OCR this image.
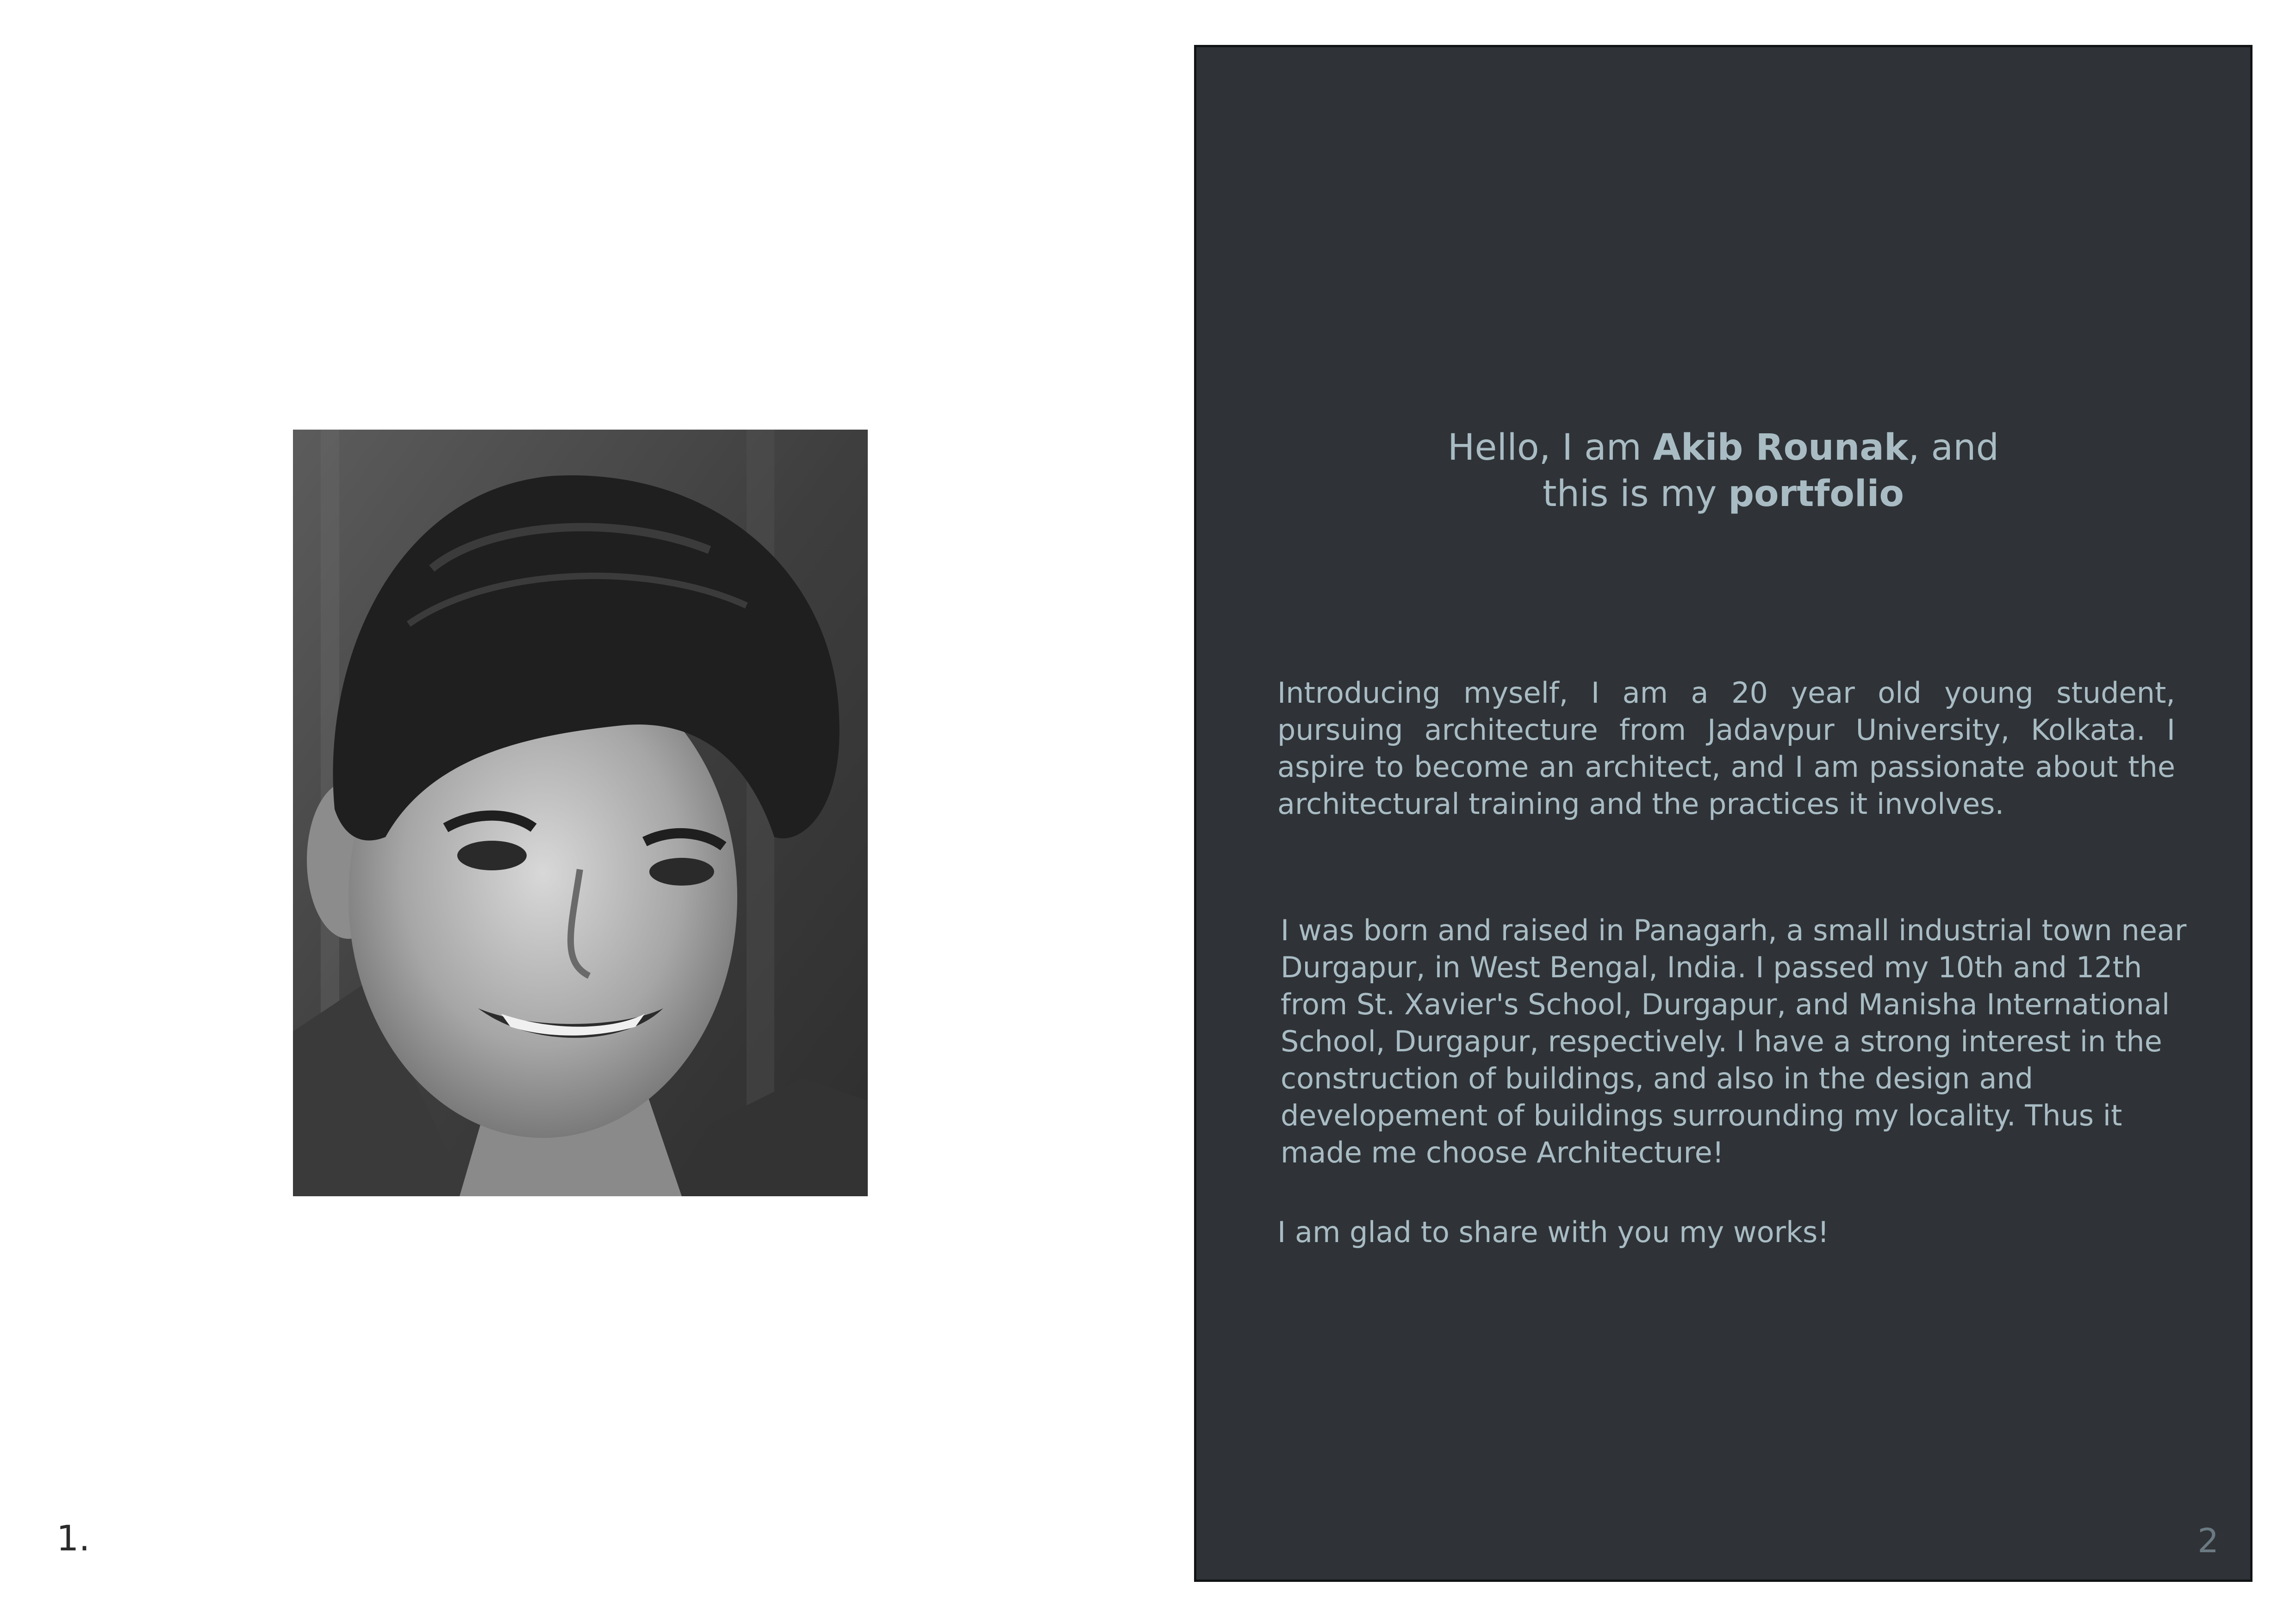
1.
Hello, I am Akib Rounak, and
this is my portfolio

Introducing myself, I am a 20 year old young student, pursuing architecture from Jadavpur University, Kolkata. I aspire to become an architect, and I am passionate about the architectural training and the practices it involves.

I was born and raised in Panagarh, a small industrial town near Durgapur, in West Bengal, India. I passed my 10th and 12th from St. Xavier's School, Durgapur, and Manisha International School, Durgapur, respectively. I have a strong interest in the construction of buildings, and also in the design and developement of buildings surrounding my locality. Thus it made me choose Architecture!

I am glad to share with you my works!

2
